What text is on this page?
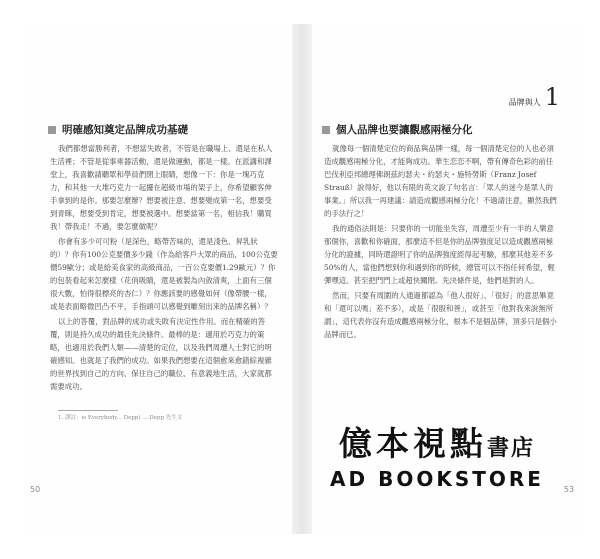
明確感知奠定品牌成功基礎

我們都想當勝利者，不想當失敗者，不管是在職場上、還是在私人生活裡；不管是從事乘器活動，還是做運動，都是一樣。在派講和課堂上，我喜歡請聽眾和學員們閉上眼睛，想像一下：你是一塊巧克力，和其他一大堆巧克力一起擺在超級市場的架子上，你希望顧客伸手拿到的是你。那要怎麼辦？想要被注意、想要變成第一名，想要受到青睞，想要受到肯定，想要被選中。想要當第一名，相信我！購買我！帶我走！不過，要怎麼做呢？

你會有多少可可粉（是深色，略帶苦味的，還是淺色、昇乳狀的）？你有100公克要價多少錢（作為給客戶大眾的商品，100公克要價59歐分；或是給美食家的高級商品，一百公克要價1.29歐元）？你的包裝看起來怎麼樣（花俏吸睛，還是被製為內敛清爽，上面有三個很大數，怕得很標亮的杏仁）？你應該要的感覺如何（像帶腰一樣，或是表面略微凹凸不平，手指頭可以感覺到雕刻出來的品牌名稱）？

以上的答覆，對品牌的成功或失敗有決定性作用。而在精確的答覆，則是持久成功的最佳先決條件。最棒的是：適用於巧克力的策略，也適用於我們人類——清楚的定位，以及我們周遭人士對它的明確感知。也就是了我們的成功。如果我們想要在這個愈來愈錯綜複雜的世界找到自己的方向、保住自己的職位、有意義地生活，大家就都需要成功。

50
品牌與人 1
個人品牌也要讓觀感兩極分化

就像每一個清楚定位的商品與品牌一樣，每一個清楚定位的人也必須造成觀感兩極分化，才能夠成功。華生恋恋不啊，帶有傳奇色彩的前任巴伐利亞邦總理佛朗茲約瑟夫・約瑟夫・施特勞斯（Franz Josef Strauß）說得好，他以有限的英文說了句名言：「眾人的迷今是眾人的事業。」所以我一再建議：請造成觀感兩極分化！不過請注意，顯然我們的手法行之！

我的通俗法則是：只要你的一切能坐失容，周遭至少有一半的人樂意那個你，喜歡和你確面，那麼這不但是你的品牌強度足以造成觀感兩極分化的證據，同時還證明了你的品牌強度經得起考驗，那麼其他差不多50%的人，當他們想到你和遇到你的時候，總管可以不指任何希望，輕彈嘿這。甚至把門門上或超快關閉。先決條件是，他們是對的人。

然而，只要有周圍的人通過都認為「他人很好」、「很好」的意思畢竟和「還可以嗎」差不多），或是「很殷和善」，或甚至「他對我來說無所謂」，這代表你沒有造成觀感兩極分化，根本不是個品牌，頂多只是個小品牌而已。

53
1. 譯註：is Everybody... Depp) ... Depp 先生文
億本視點書店
AD BOOKSTORE
